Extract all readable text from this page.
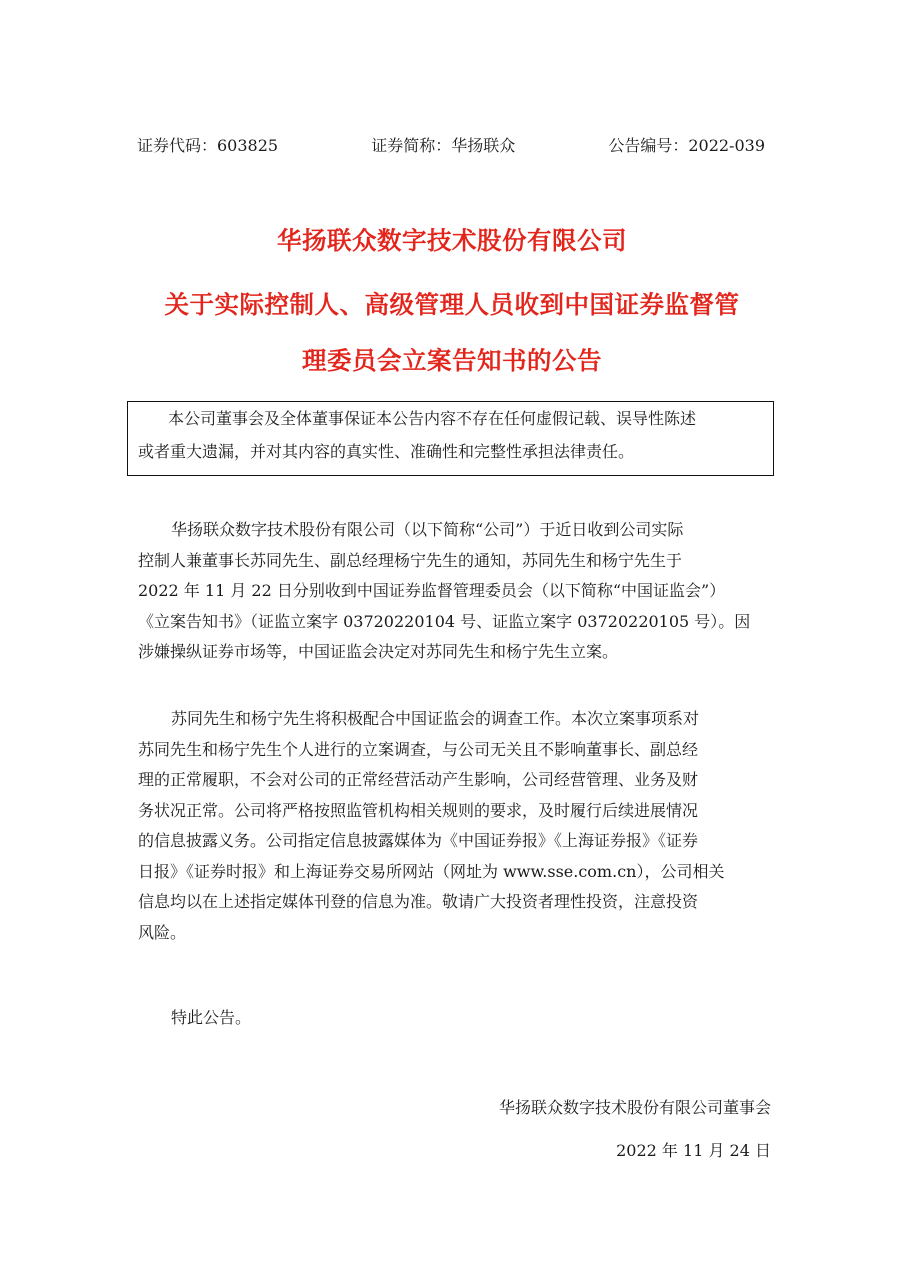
证券代码：603825	证券简称：华扬联众	公告编号：2022-039
华扬联众数字技术股份有限公司
关于实际控制人、高级管理人员收到中国证券监督管
理委员会立案告知书的公告
本公司董事会及全体董事保证本公告内容不存在任何虚假记载、误导性陈述
或者重大遗漏，并对其内容的真实性、准确性和完整性承担法律责任。
华扬联众数字技术股份有限公司（以下简称“公司”）于近日收到公司实际
控制人兼董事长苏同先生、副总经理杨宁先生的通知，苏同先生和杨宁先生于
2022 年 11 月 22 日分别收到中国证券监督管理委员会（以下简称“中国证监会”）
《立案告知书》（证监立案字 03720220104 号、证监立案字 03720220105 号）。因
涉嫌操纵证券市场等，中国证监会决定对苏同先生和杨宁先生立案。
苏同先生和杨宁先生将积极配合中国证监会的调查工作。本次立案事项系对
苏同先生和杨宁先生个人进行的立案调查，与公司无关且不影响董事长、副总经
理的正常履职，不会对公司的正常经营活动产生影响，公司经营管理、业务及财
务状况正常。公司将严格按照监管机构相关规则的要求，及时履行后续进展情况
的信息披露义务。公司指定信息披露媒体为《中国证券报》《上海证券报》《证券
日报》《证券时报》和上海证券交易所网站（网址为 www.sse.com.cn），公司相关
信息均以在上述指定媒体刊登的信息为准。敬请广大投资者理性投资，注意投资
风险。
特此公告。
华扬联众数字技术股份有限公司董事会
2022 年 11 月 24 日
